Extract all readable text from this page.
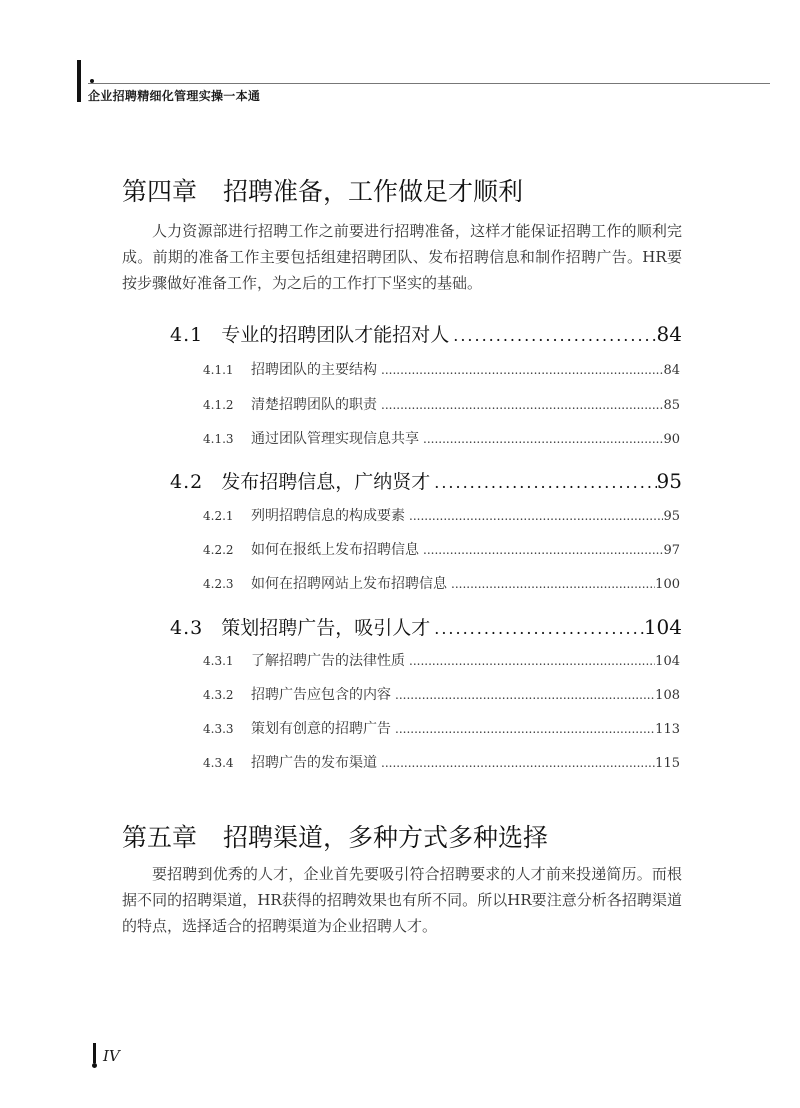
企业招聘精细化管理实操一本通
第四章 招聘准备，工作做足才顺利

人力资源部进行招聘工作之前要进行招聘准备，这样才能保证招聘工作的顺利完成。前期的准备工作主要包括组建招聘团队、发布招聘信息和制作招聘广告。HR要按步骤做好准备工作，为之后的工作打下坚实的基础。

4.1 专业的招聘团队才能招对人 .....	84
4.1.1	招聘团队的主要结构 .....	84
4.1.2	清楚招聘团队的职责 .....	85
4.1.3	通过团队管理实现信息共享 .....	90
4.2 发布招聘信息，广纳贤才 .....	95
4.2.1	列明招聘信息的构成要素 .....	95
4.2.2	如何在报纸上发布招聘信息 .....	97
4.2.3	如何在招聘网站上发布招聘信息 .....	100
4.3 策划招聘广告，吸引人才 .....	104
4.3.1	了解招聘广告的法律性质 .....	104
4.3.2	招聘广告应包含的内容 .....	108
4.3.3	策划有创意的招聘广告 .....	113
4.3.4	招聘广告的发布渠道 .....	115
第五章 招聘渠道，多种方式多种选择

要招聘到优秀的人才，企业首先要吸引符合招聘要求的人才前来投递简历。而根据不同的招聘渠道，HR获得的招聘效果也有所不同。所以HR要注意分析各招聘渠道的特点，选择适合的招聘渠道为企业招聘人才。

IV
